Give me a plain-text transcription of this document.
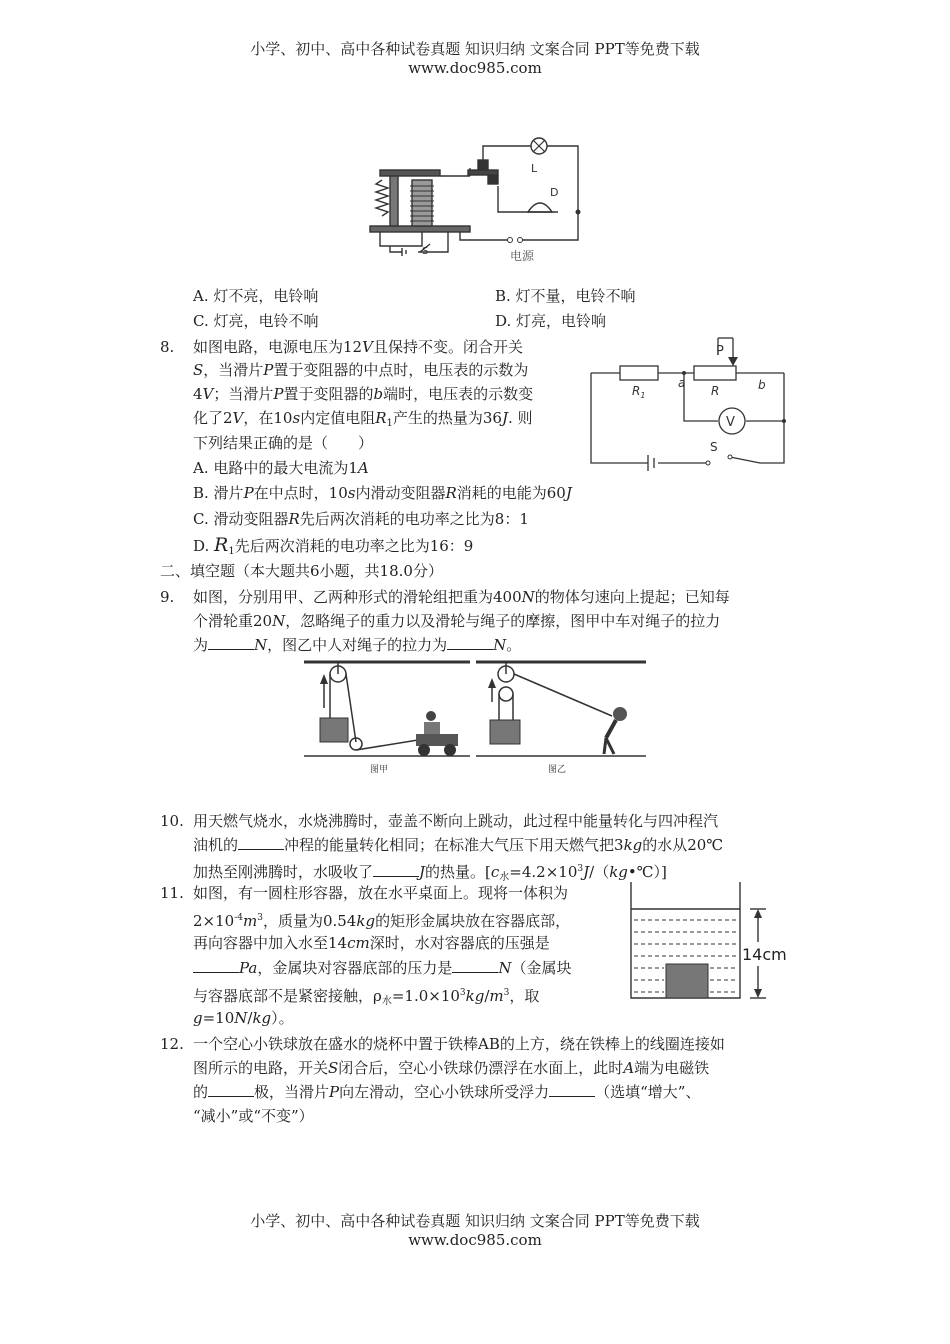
小学、初中、高中各种试卷真题 知识归纳 文案合同 PPT等免费下载
www.doc985.com
L
D
S	电源
A. 灯不亮，电铃响	B. 灯不量，电铃不响
C. 灯亮，电铃不响	D. 灯亮，电铃响
8. 如图电路，电源电压为12V且保持不变。闭合开关
S，当滑片P置于变阻器的中点时，电压表的示数为
4V；当滑片P置于变阻器的b端时，电压表的示数变
化了2V，在10s内定值电阻$R_1$产生的热量为36J. 则
下列结果正确的是（　　）
A. 电路中的最大电流为1A
B. 滑片P在中点时，10s内滑动变阻器R消耗的电能为60J
C. 滑动变阻器R先后两次消耗的电功率之比为8：1
D. $R_1$先后两次消耗的电功率之比为16：9
V
P
$R_1$
a
R	b
S
二、填空题（本大题共6小题，共18.0分）
9. 如图，分别用甲、乙两种形式的滑轮组把重为400N的物体匀速向上提起；已知每
个滑轮重20N，忽略绳子的重力以及滑轮与绳子的摩擦，图甲中车对绳子的拉力
为	N，图乙中人对绳子的拉力为	N。
图甲	图乙
10. 用天燃气烧水，水烧沸腾时，壶盖不断向上跳动，此过程中能量转化与四冲程汽
油机的	冲程的能量转化相同；在标准大气压下用天燃气把3kg的水从20℃
加热至刚沸腾时，水吸收了	J的热量。$[c_水=4.2\times 10^3J/(kg•℃)]$
11. 如图，有一圆柱形容器，放在水平桌面上。现将一体积为
$2\times 10^{-4}m^3$，质量为0.54kg的矩形金属块放在容器底部，
再向容器中加入水至14cm深时，水对容器底的压强是
Pa，金属块对容器底部的压力是	N（金属块
与容器底部不是紧密接触，$\rho_水=1.0\times 10^3kg/m^3$，取
g=10N/kg）。
14cm
12. 一个空心小铁球放在盛水的烧杯中置于铁棒AB的上方，绕在铁棒上的线圈连接如
图所示的电路，开关S闭合后，空心小铁球仍漂浮在水面上，此时A端为电磁铁
的	极，当滑片P向左滑动，空心小铁球所受浮力	（选填“增大”、
“减小”或“不变”）
小学、初中、高中各种试卷真题 知识归纳 文案合同 PPT等免费下载
www.doc985.com
